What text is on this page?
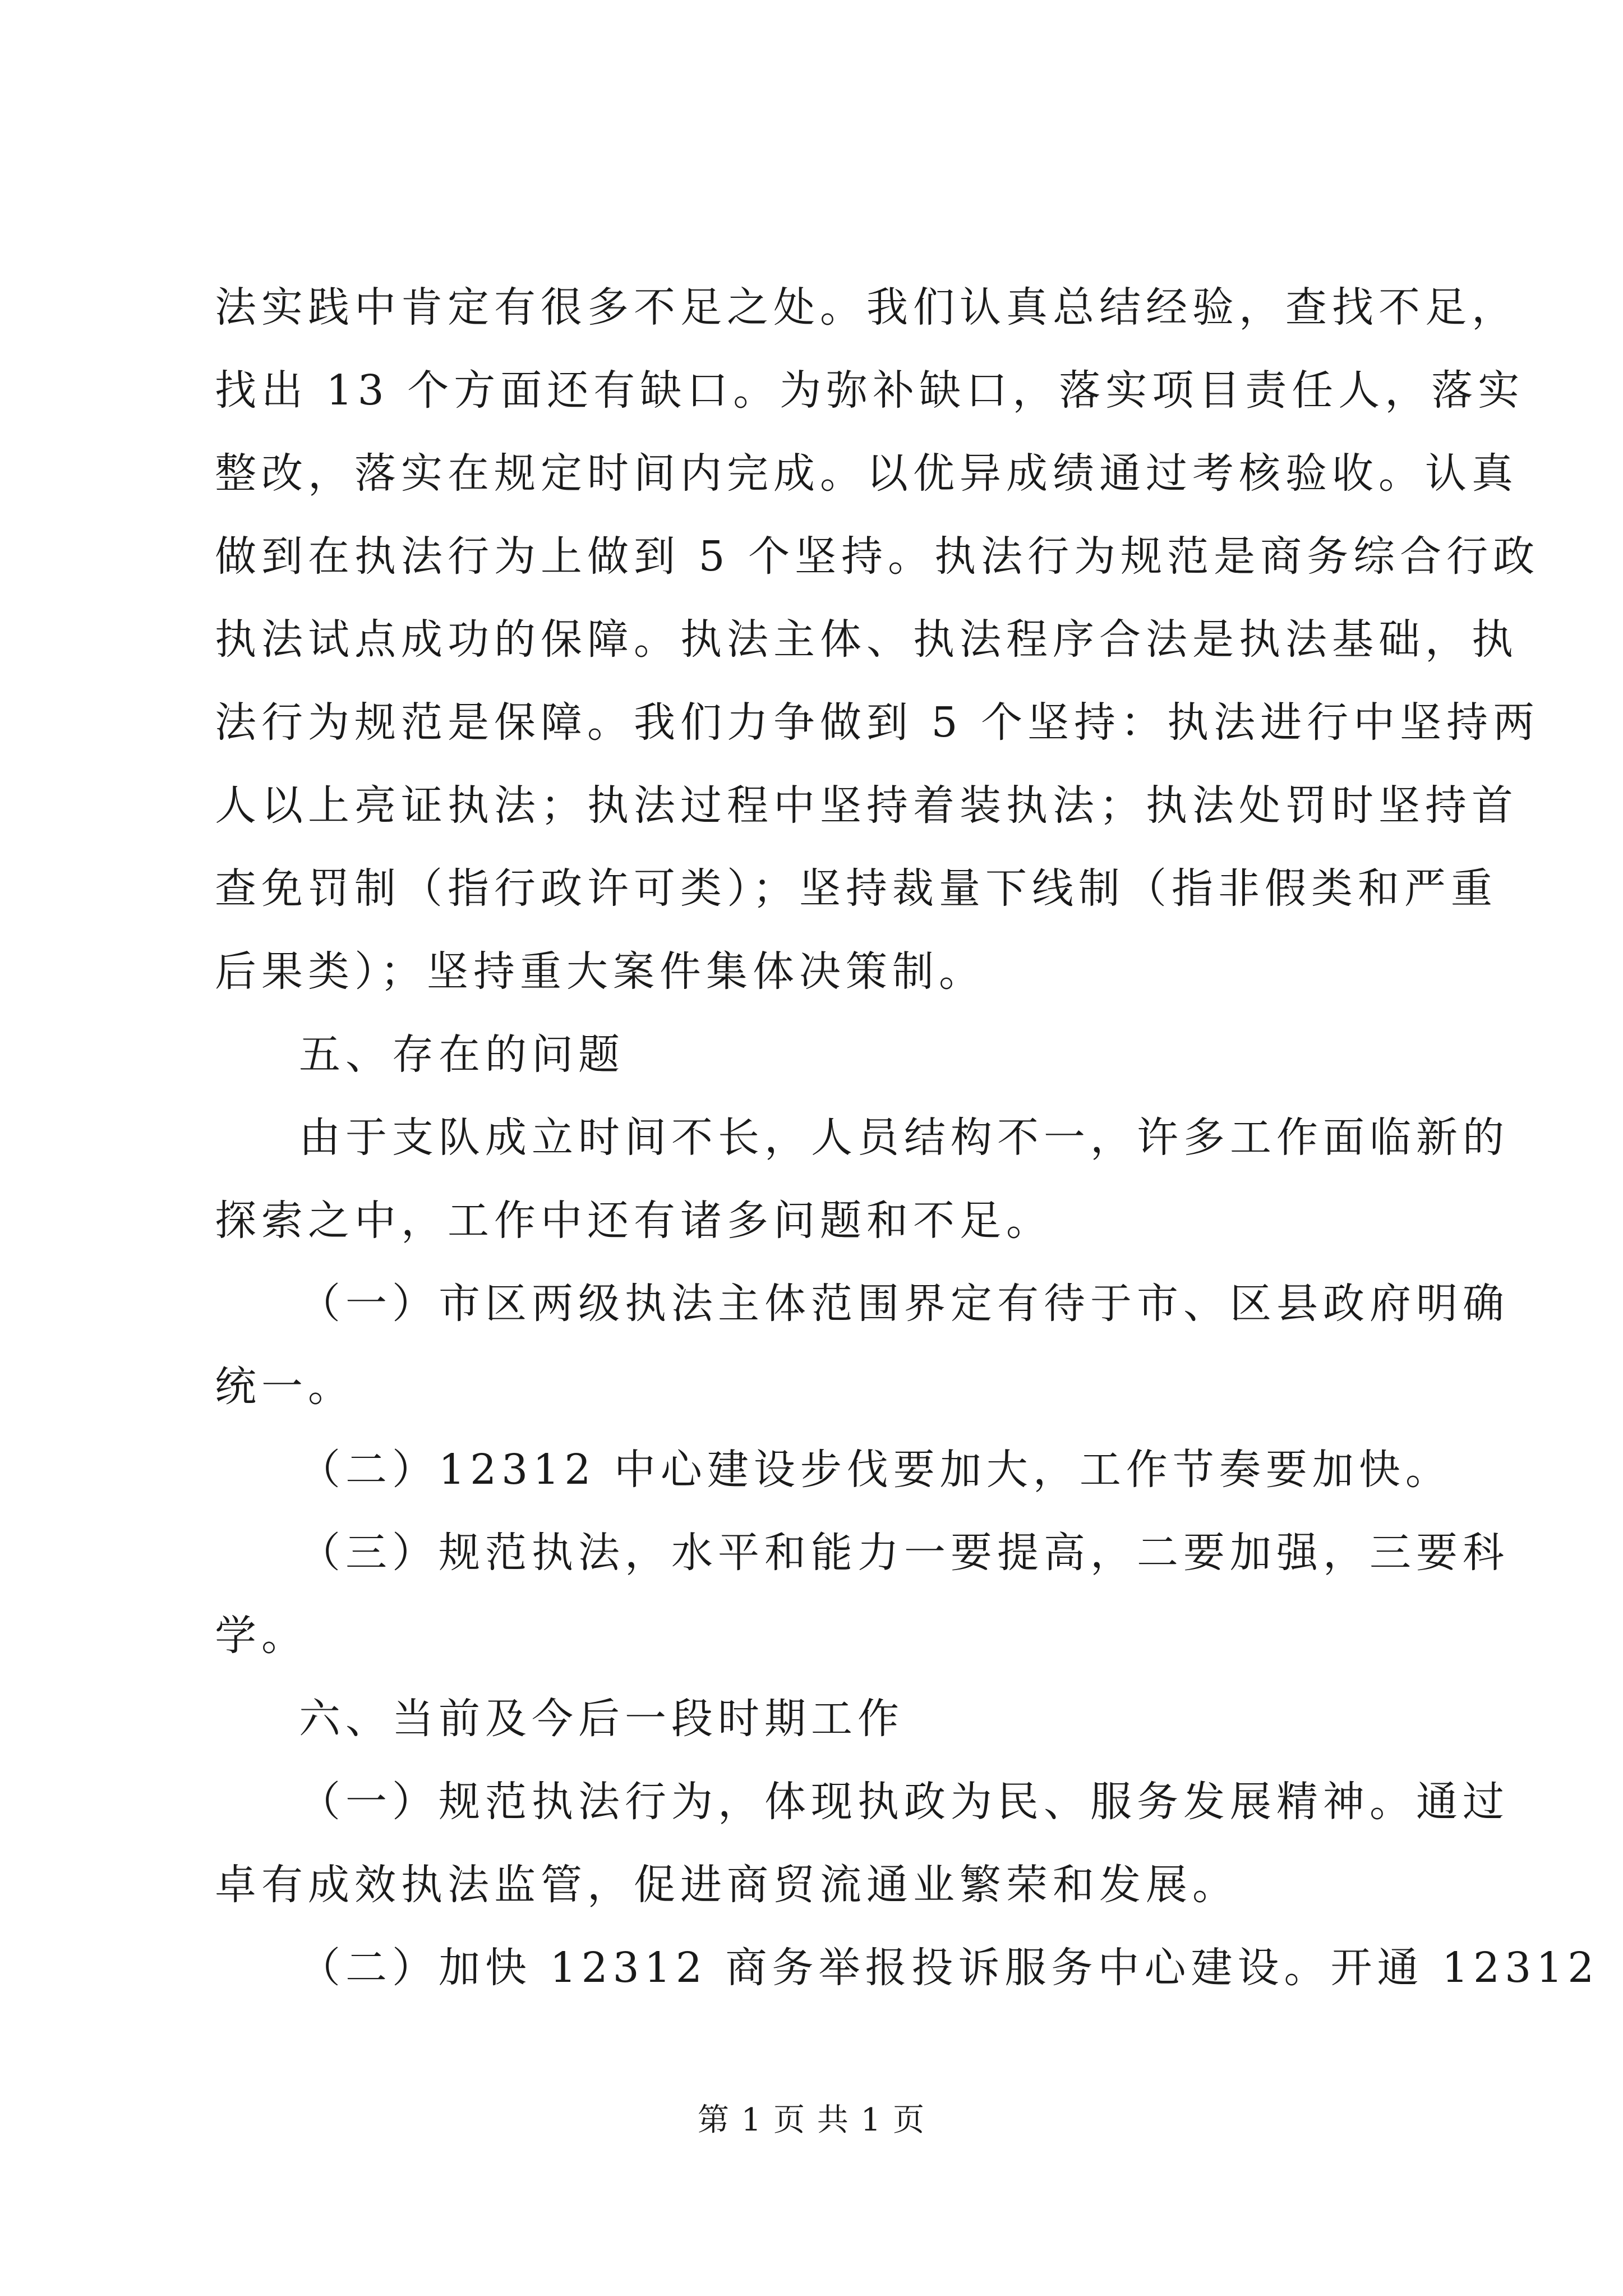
法实践中肯定有很多不足之处。我们认真总结经验，查找不足，
找出 13 个方面还有缺口。为弥补缺口，落实项目责任人，落实
整改，落实在规定时间内完成。以优异成绩通过考核验收。认真
做到在执法行为上做到 5 个坚持。执法行为规范是商务综合行政
执法试点成功的保障。执法主体、执法程序合法是执法基础，执
法行为规范是保障。我们力争做到 5 个坚持：执法进行中坚持两
人以上亮证执法；执法过程中坚持着装执法；执法处罚时坚持首
查免罚制（指行政许可类）；坚持裁量下线制（指非假类和严重
后果类）；坚持重大案件集体决策制。
五、存在的问题
由于支队成立时间不长，人员结构不一，许多工作面临新的
探索之中，工作中还有诸多问题和不足。
（一）市区两级执法主体范围界定有待于市、区县政府明确
统一。
（二）12312 中心建设步伐要加大，工作节奏要加快。
（三）规范执法，水平和能力一要提高，二要加强，三要科
学。
六、当前及今后一段时期工作
（一）规范执法行为，体现执政为民、服务发展精神。通过
卓有成效执法监管，促进商贸流通业繁荣和发展。
（二）加快 12312 商务举报投诉服务中心建设。开通 12312
第 1 页 共 1 页
